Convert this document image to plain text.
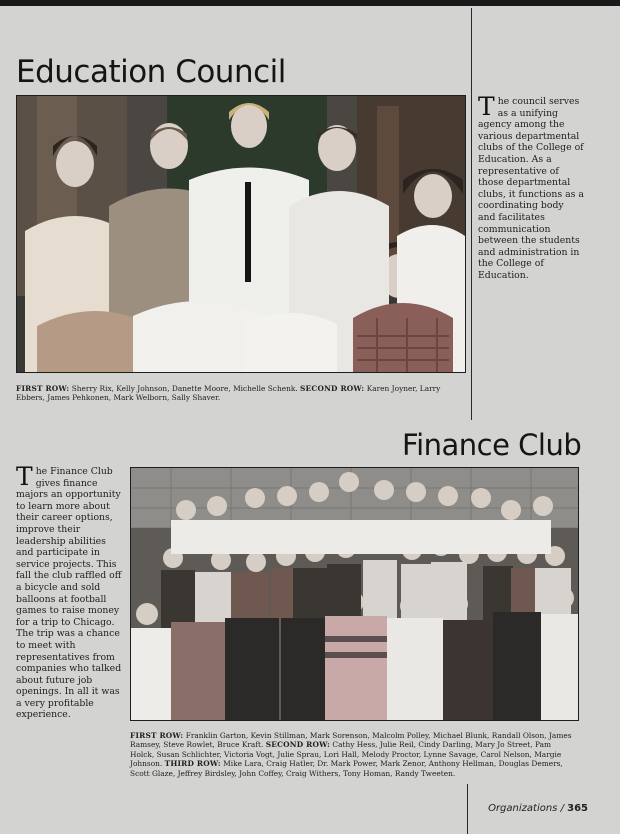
Education Council
The council serves as a unifying agency among the various departmental clubs of the College of Education. As a representative of those departmental clubs, it functions as a coordinating body and facilitates communication between the students and administration in the College of Education.
FIRST ROW: Sherry Rix, Kelly Johnson, Danette Moore, Michelle Schenk. SECOND ROW: Karen Joyner, Larry Ebbers, James Pehkonen, Mark Welborn, Sally Shaver.
Finance Club
The Finance Club gives finance majors an opportunity to learn more about their career options, improve their leadership abilities and participate in service projects. This fall the club raffled off a bicycle and sold balloons at football games to raise money for a trip to Chicago. The trip was a chance to meet with representatives from companies who talked about future job openings. In all it was a very profitable experience.
FIRST ROW: Franklin Garton, Kevin Stillman, Mark Sorenson, Malcolm Polley, Michael Blunk, Randall Olson, James Ramsey, Steve Rowlet, Bruce Kraft. SECOND ROW: Cathy Hess, Julie Reil, Cindy Darling, Mary Jo Street, Pam Holck, Susan Schlichter, Victoria Vogt, Julie Sprau, Lori Hall, Melody Proctor, Lynne Savage, Carol Nelson, Margie Johnson. THIRD ROW: Mike Lara, Craig Hatler, Dr. Mark Power, Mark Zenor, Anthony Hellman, Douglas Demers, Scott Glaze, Jeffrey Birdsley, John Coffey, Craig Withers, Tony Homan, Randy Tweeten.
Organizations / 365
